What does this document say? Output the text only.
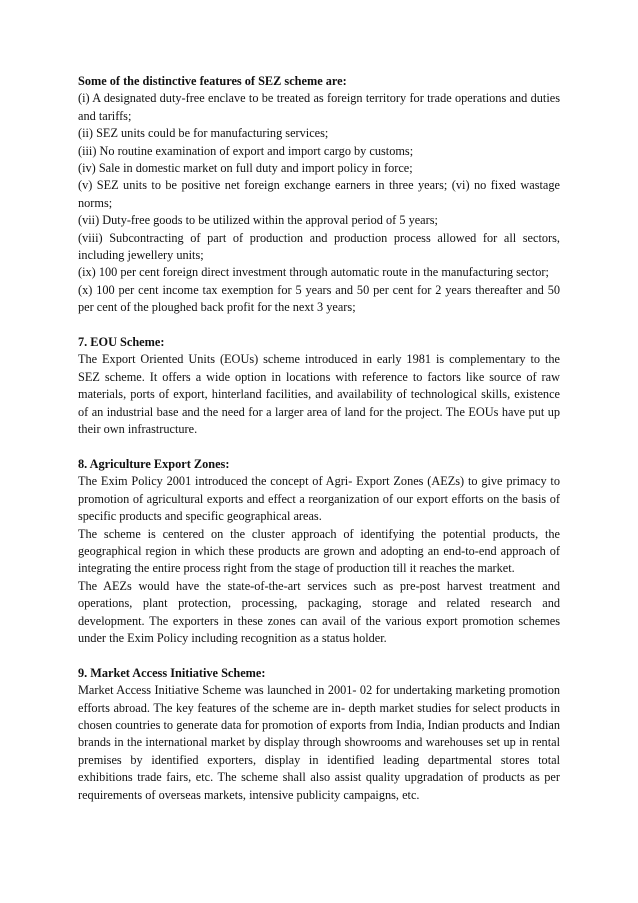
Some of the distinctive features of SEZ scheme are:
(i) A designated duty-free enclave to be treated as foreign territory for trade operations and duties and tariffs;
(ii) SEZ units could be for manufacturing services;
(iii) No routine examination of export and import cargo by customs;
(iv) Sale in domestic market on full duty and import policy in force;
(v) SEZ units to be positive net foreign exchange earners in three years; (vi) no fixed wastage norms;
(vii) Duty-free goods to be utilized within the approval period of 5 years;
(viii) Subcontracting of part of production and production process allowed for all sectors, including jewellery units;
(ix) 100 per cent foreign direct investment through automatic route in the manufacturing sector;
(x) 100 per cent income tax exemption for 5 years and 50 per cent for 2 years thereafter and 50 per cent of the ploughed back profit for the next 3 years;
7. EOU Scheme:
The Export Oriented Units (EOUs) scheme introduced in early 1981 is complementary to the SEZ scheme. It offers a wide option in locations with reference to factors like source of raw materials, ports of export, hinterland facilities, and availability of technological skills, existence of an industrial base and the need for a larger area of land for the project. The EOUs have put up their own infrastructure.
8. Agriculture Export Zones:
The Exim Policy 2001 introduced the concept of Agri- Export Zones (AEZs) to give primacy to promotion of agricultural exports and effect a reorganization of our export efforts on the basis of specific products and specific geographical areas.
The scheme is centered on the cluster approach of identifying the potential products, the geographical region in which these products are grown and adopting an end-to-end approach of integrating the entire process right from the stage of production till it reaches the market.
The AEZs would have the state-of-the-art services such as pre-post harvest treatment and operations, plant protection, processing, packaging, storage and related research and development. The exporters in these zones can avail of the various export promotion schemes under the Exim Policy including recognition as a status holder.
9. Market Access Initiative Scheme:
Market Access Initiative Scheme was launched in 2001- 02 for undertaking marketing promotion efforts abroad. The key features of the scheme are in- depth market studies for select products in chosen countries to generate data for promotion of exports from India, Indian products and Indian brands in the international market by display through showrooms and warehouses set up in rental premises by identified exporters, display in identified leading departmental stores total exhibitions trade fairs, etc. The scheme shall also assist quality upgradation of products as per requirements of overseas markets, intensive publicity campaigns, etc.
